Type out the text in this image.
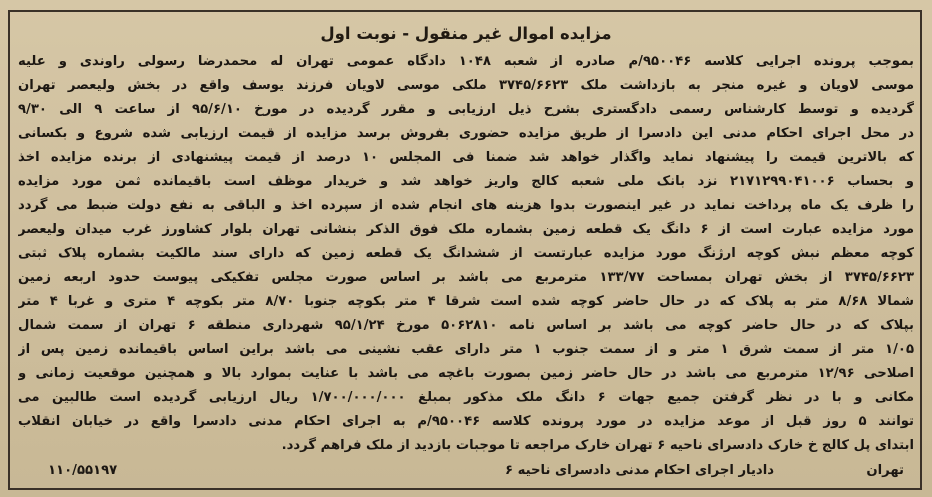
مزایده اموال غیر منقول - نوبت اول
بموجب پرونده اجرایی کلاسه ۹۵۰۰۴۶/م صادره از شعبه ۱۰۴۸ دادگاه عمومی تهران له محمدرضا رسولی راوندی و علیه
موسی لاویان و غیره منجر به بازداشت ملک ۳۷۴۵/۶۶۲۳ ملکی موسی لاویان فرزند یوسف واقع در بخش ولیعصر تهران
گردیده و توسط کارشناس رسمی دادگستری بشرح ذیل ارزیابی و مقرر گردیده در مورخ ۹۵/۶/۱۰ از ساعت ۹ الی ۹/۳۰
در محل اجرای احکام مدنی این دادسرا از طریق مزایده حضوری بفروش برسد مزایده از قیمت ارزیابی شده شروع و بکسانی
که بالاترین قیمت را پیشنهاد نماید واگذار خواهد شد ضمنا فی المجلس ۱۰ درصد از قیمت پیشنهادی از برنده مزایده اخذ
و بحساب ۲۱۷۱۲۹۹۰۴۱۰۰۶ نزد بانک ملی شعبه کالج واریز خواهد شد و خریدار موظف است باقیمانده ثمن مورد مزایده
را ظرف یک ماه پرداخت نماید در غیر اینصورت بدوا هزینه های انجام شده از سپرده اخذ و الباقی به نفع دولت ضبط می گردد
مورد مزایده عبارت است از ۶ دانگ یک قطعه زمین بشماره ملک فوق الذکر بنشانی تهران بلوار کشاورز غرب میدان ولیعصر
کوچه معظم نبش کوچه ارژنگ مورد مزایده عبارتست از ششدانگ یک قطعه زمین که دارای سند مالکیت بشماره پلاک ثبتی
۳۷۴۵/۶۶۲۳ از بخش تهران بمساحت ۱۳۳/۷۷ مترمربع می باشد بر اساس صورت مجلس تفکیکی پیوست حدود اربعه زمین
شمالا ۸/۶۸ متر به پلاک که در حال حاضر کوچه شده است شرقا ۴ متر بکوچه جنوبا ۸/۷۰ متر بکوچه ۴ متری و غربا ۴ متر
بپلاک که در حال حاضر کوچه می باشد بر اساس نامه ۵۰۶۲۸۱۰ مورخ ۹۵/۱/۲۴ شهرداری منطقه ۶ تهران از سمت شمال
۱/۰۵ متر از سمت شرق ۱ متر و از سمت جنوب ۱ متر دارای عقب نشینی می باشد براین اساس باقیمانده زمین پس از
اصلاحی ۱۲/۹۶ مترمربع می باشد در حال حاضر زمین بصورت باغچه می باشد با عنایت بموارد بالا و همچنین موقعیت زمانی و
مکانی و با در نظر گرفتن جمیع جهات ۶ دانگ ملک مذکور بمبلغ ۱/۷۰۰/۰۰۰/۰۰۰ ریال ارزیابی گردیده است طالبین می
توانند ۵ روز قبل از موعد مزایده در مورد پرونده کلاسه ۹۵۰۰۴۶/م به اجرای احکام مدنی دادسرا واقع در خیابان انقلاب
ابتدای پل کالج خ خارک دادسرای ناحیه ۶ تهران خارک مراجعه تا موجبات بازدید از ملک فراهم گردد.
تهران
دادیار اجرای احکام مدنی دادسرای ناحیه ۶
۱۱۰/۵۵۱۹۷
